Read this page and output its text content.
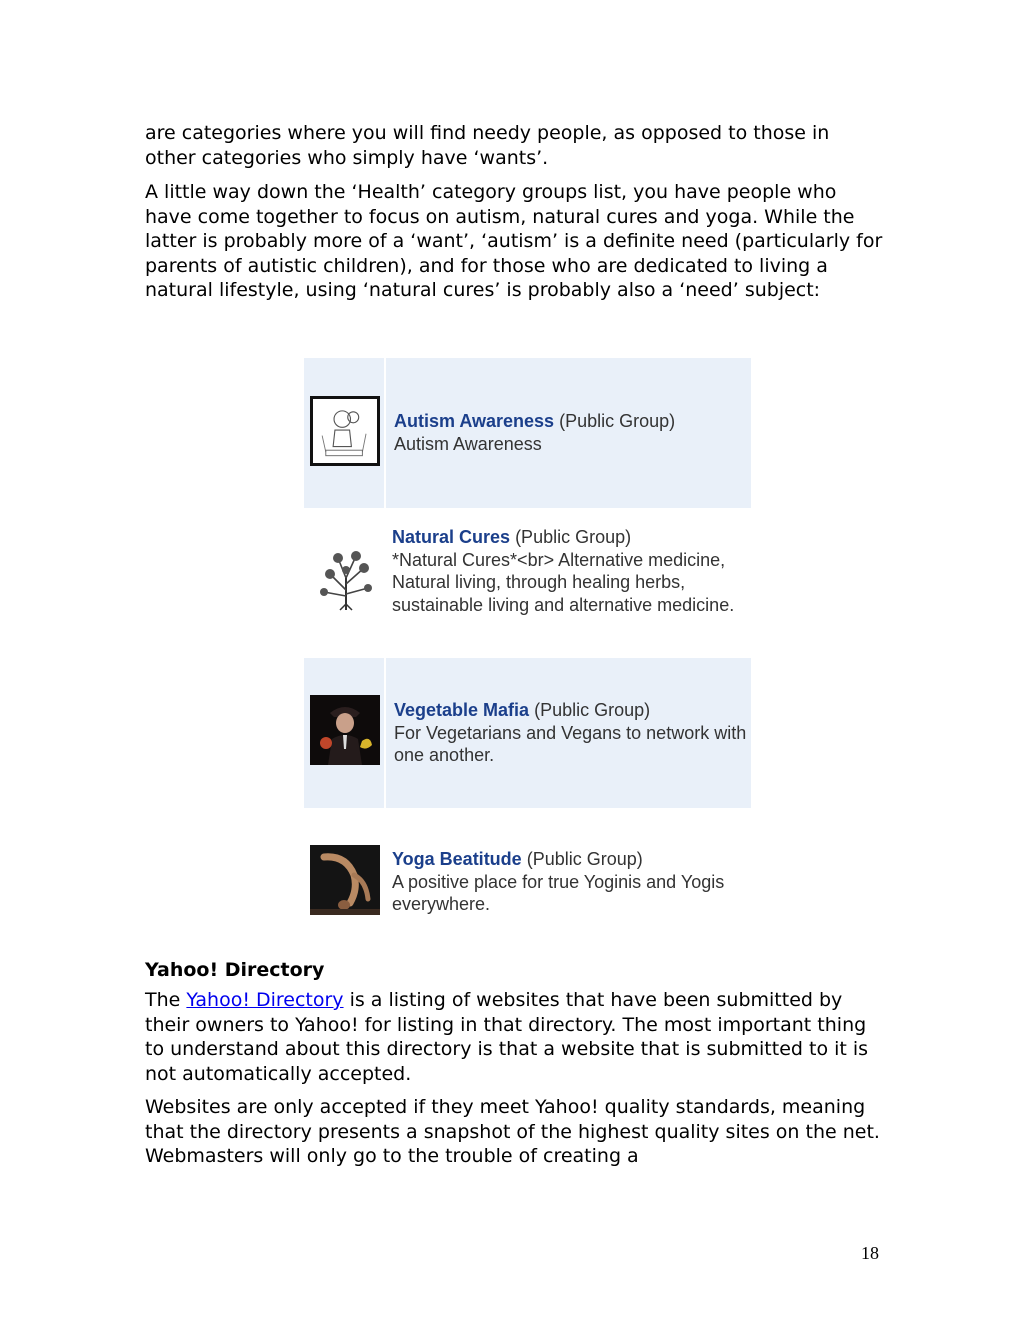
are categories where you will find needy people, as opposed to those in other categories who simply have ‘wants’.

A little way down the ‘Health’ category groups list, you have people who have come together to focus on autism, natural cures and yoga. While the latter is probably more of a ‘want’, ‘autism’ is a definite need (particularly for parents of autistic children), and for those who are dedicated to living a natural lifestyle, using ‘natural cures’ is probably also a ‘need’ subject:

Autism Awareness (Public Group)
Autism Awareness
Natural Cures (Public Group)
*Natural Cures*<br> Alternative medicine, Natural living, through healing herbs, sustainable living and alternative medicine.
Vegetable Mafia (Public Group)
For Vegetarians and Vegans to network with one another.
Yoga Beatitude (Public Group)
A positive place for true Yoginis and Yogis everywhere.
Yahoo! Directory

The Yahoo! Directory is a listing of websites that have been submitted by their owners to Yahoo! for listing in that directory. The most important thing to understand about this directory is that a website that is submitted to it is not automatically accepted.

Websites are only accepted if they meet Yahoo! quality standards, meaning that the directory presents a snapshot of the highest quality sites on the net. Webmasters will only go to the trouble of creating a

18
